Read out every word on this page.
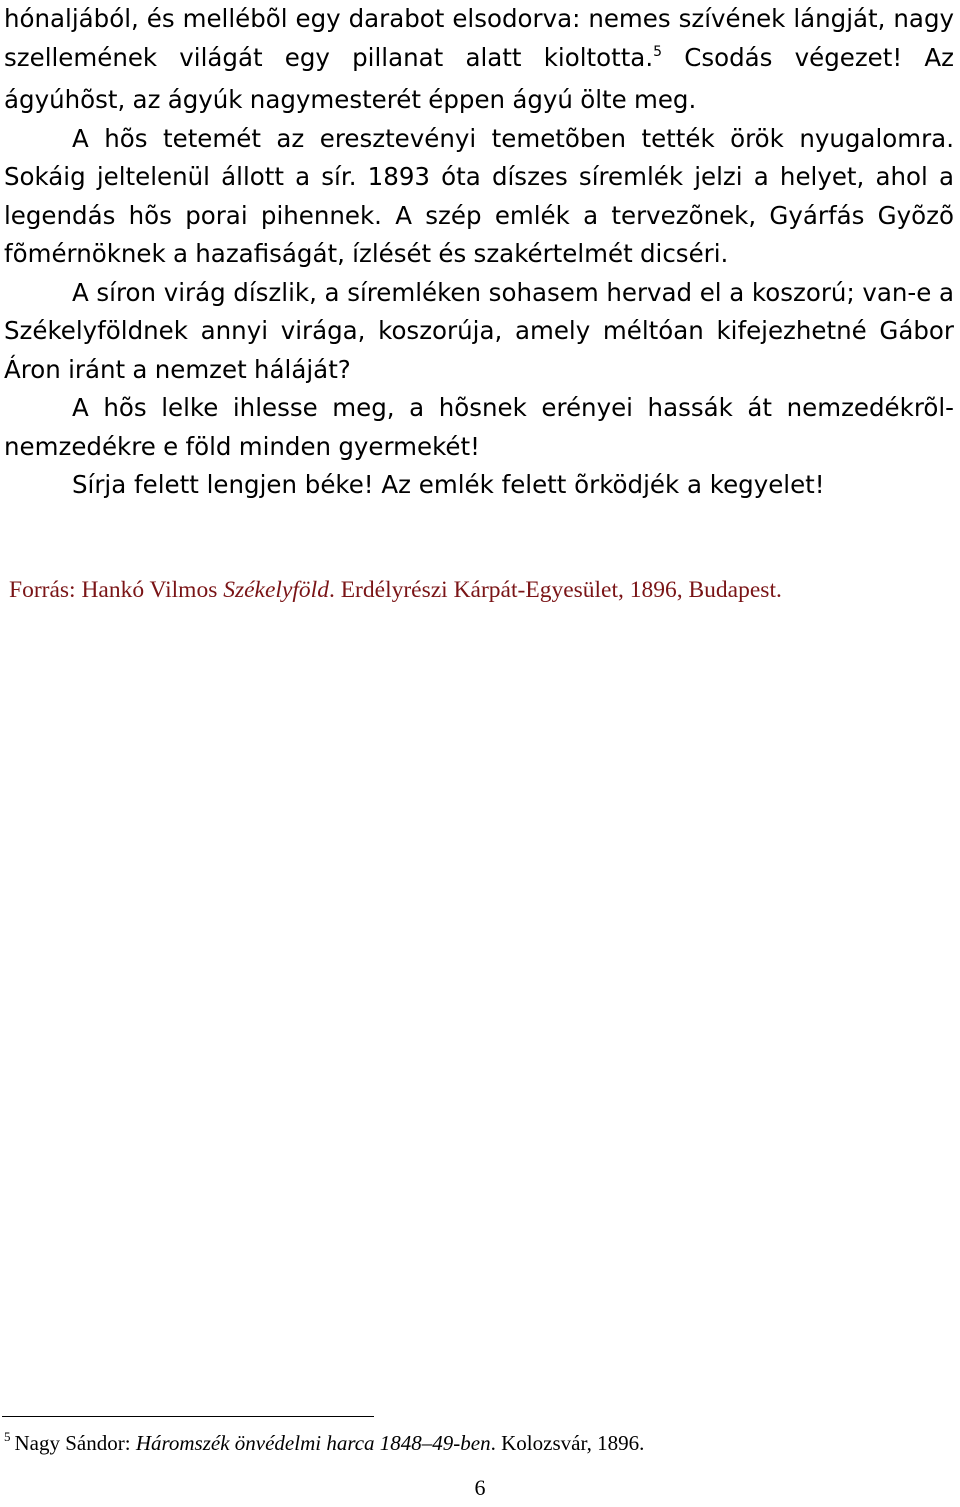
hónaljából, és mellébõl egy darabot elsodorva: nemes szívének lángját, nagy szellemének világát egy pillanat alatt kioltotta.$^5$ Csodás végezet! Az ágyúhõst, az ágyúk nagymesterét éppen ágyú ölte meg.

A hõs tetemét az eresztevényi temetõben tették örök nyugalomra. Sokáig jeltelenül állott a sír. 1893 óta díszes síremlék jelzi a helyet, ahol a legendás hõs porai pihennek. A szép emlék a tervezõnek, Gyárfás Gyõzõ fõmérnöknek a hazafiságát, ízlését és szakértelmét dicséri.

A síron virág díszlik, a síremléken sohasem hervad el a koszorú; van-e a Székelyföldnek annyi virága, koszorúja, amely méltóan kifejezhetné Gábor Áron iránt a nemzet háláját?

A hõs lelke ihlesse meg, a hõsnek erényei hassák át nemzedékrõl-nemzedékre e föld minden gyermekét!

Sírja felett lengjen béke! Az emlék felett õrködjék a kegyelet!

Forrás: Hankó Vilmos Székelyföld. Erdélyrészi Kárpát-Egyesület, 1896, Budapest.
$^5$ Nagy Sándor: Háromszék önvédelmi harca 1848–49-ben. Kolozsvár, 1896.
6
